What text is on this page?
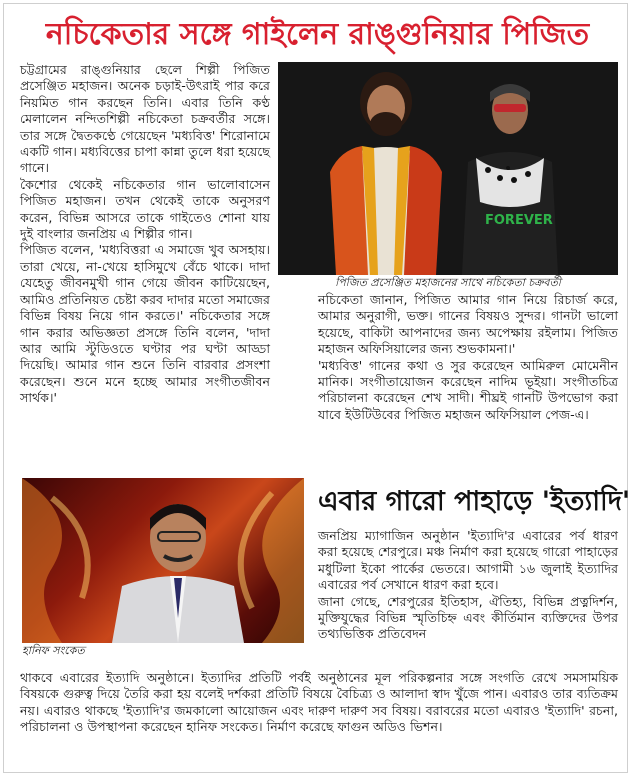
নচিকেতার সঙ্গে গাইলেন রাঙ্গুনিয়ার পিজিত

চট্টগ্রামের রাঙ্গুনিয়ার ছেলে শিল্পী পিজিত প্রসেঞ্জিত মহাজন। অনেক চড়াই-উৎরাই পার করে নিয়মিত গান করছেন তিনি। এবার তিনি কণ্ঠ মেলালেন নন্দিতশিল্পী নচিকেতা চক্রবর্তীর সঙ্গে। তার সঙ্গে দ্বৈতকণ্ঠে গেয়েছেন 'মধ্যবিত্ত' শিরোনামে একটি গান। মধ্যবিত্তের চাপা কান্না তুলে ধরা হয়েছে গানে।

কৈশোর থেকেই নচিকেতার গান ভালোবাসেন পিজিত মহাজন। তখন থেকেই তাকে অনুসরণ করেন, বিভিন্ন আসরে তাকে গাইতেও শোনা যায় দুই বাংলার জনপ্রিয় এ শিল্পীর গান।

পিজিত বলেন, 'মধ্যবিত্তরা এ সমাজে খুব অসহায়। তারা খেয়ে, না-খেয়ে হাসিমুখে বেঁচে থাকে। দাদা যেহেতু জীবনমুখী গান গেয়ে জীবন কাটিয়েছেন, আমিও প্রতিনিয়ত চেষ্টা করব দাদার মতো সমাজের বিভিন্ন বিষয় নিয়ে গান করতে।' নচিকেতার সঙ্গে গান করার অভিজ্ঞতা প্রসঙ্গে তিনি বলেন, 'দাদা আর আমি স্টুডিওতে ঘণ্টার পর ঘণ্টা আড্ডা দিয়েছি। আমার গান শুনে তিনি বারবার প্রসংশা করেছেন। শুনে মনে হচ্ছে আমার সংগীতজীবন সার্থক।'

FOREVER
পিজিত প্রসেঞ্জিত মহাজনের সাথে নচিকেতা চক্রবর্তী

নচিকেতা জানান, পিজিত আমার গান নিয়ে রিচার্জ করে, আমার অনুরাগী, ভক্ত। গানের বিষয়ও সুন্দর। গানটা ভালো হয়েছে, বাকিটা আপনাদের জন্য অপেক্ষায় রইলাম। পিজিত মহাজন অফিসিয়ালের জন্য শুভকামনা।'

'মধ্যবিত্ত' গানের কথা ও সুর করেছেন আমিরুল মোমেনীন মানিক। সংগীতায়োজন করেছেন নাদিম ভূইয়া। সংগীতচিত্র পরিচালনা করেছেন শেখ সাদী। শীঘ্রই গানটি উপভোগ করা যাবে ইউটিউবের পিজিত মহাজন অফিসিয়াল পেজ-এ।

হানিফ সংকেত
এবার গারো পাহাড়ে 'ইত্যাদি'

জনপ্রিয় ম্যাগাজিন অনুষ্ঠান 'ইত্যাদি'র এবারের পর্ব ধারণ করা হয়েছে শেরপুরে। মঞ্চ নির্মাণ করা হয়েছে গারো পাহাড়ের মধুটিলা ইকো পার্কের ভেতরে। আগামী ১৬ জুলাই ইত্যাদির এবারের পর্ব সেখানে ধারণ করা হবে।

জানা গেছে, শেরপুরের ইতিহাস, ঐতিহ্য, বিভিন্ন প্রত্নদির্শন, মুক্তিযুদ্ধের বিভিন্ন স্মৃতিচিহ্ন এবং কীর্তিমান ব্যক্তিদের উপর তথ্যভিত্তিক প্রতিবেদন

থাকবে এবারের ইত্যাদি অনুষ্ঠানে। ইত্যাদির প্রতিটি পর্বই অনুষ্ঠানের মূল পরিকল্পনার সঙ্গে সংগতি রেখে সমসাময়িক বিষয়কে গুরুত্ব দিয়ে তৈরি করা হয় বলেই দর্শকরা প্রতিটি বিষয়ে বৈচিত্র্য ও আলাদা স্বাদ খুঁজে পান। এবারও তার ব্যতিক্রম নয়। এবারও থাকছে 'ইত্যাদি'র জমকালো আয়োজন এবং দারুণ দারুণ সব বিষয়। বরাবরের মতো এবারও 'ইত্যাদি' রচনা, পরিচালনা ও উপস্থাপনা করেছেন হানিফ সংকেত। নির্মাণ করেছে ফাগুন অডিও ভিশন।
